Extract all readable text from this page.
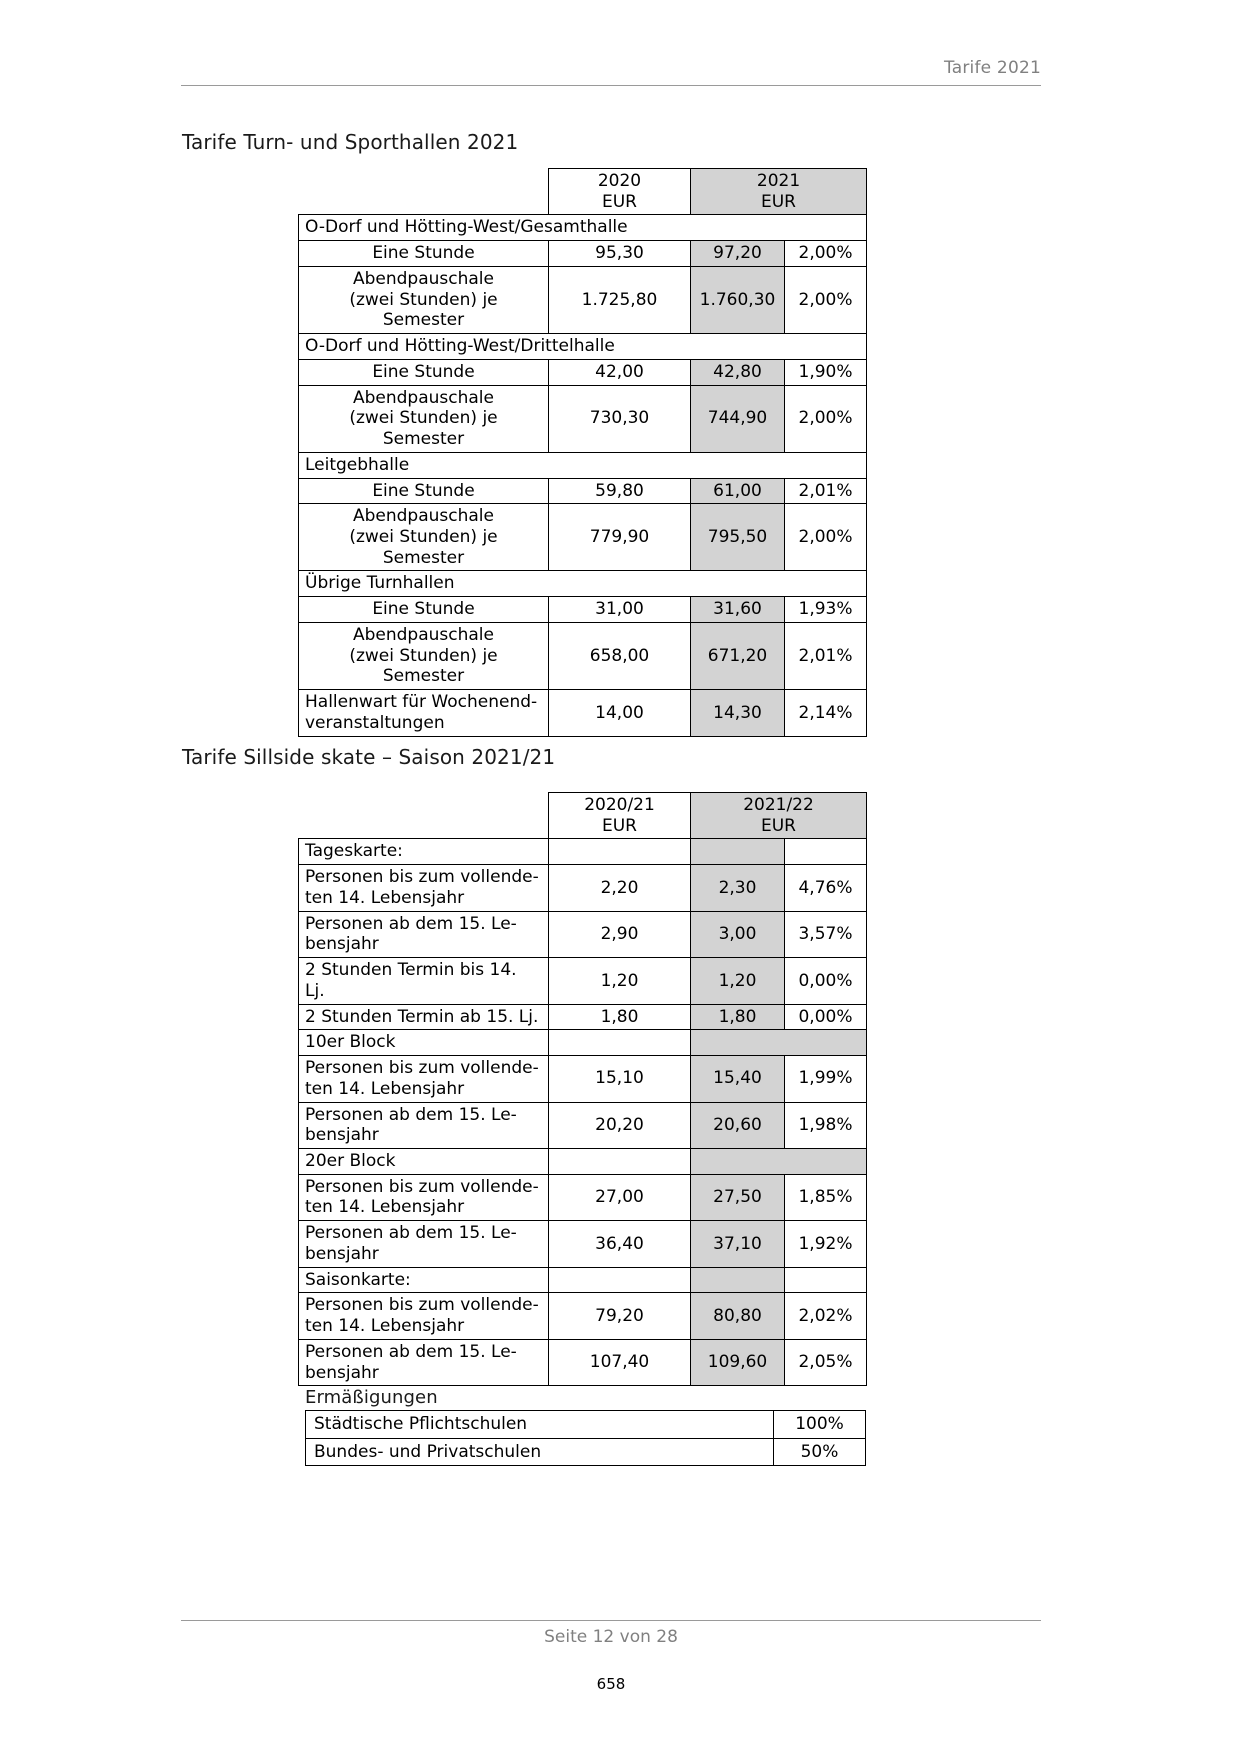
Tarife 2021
Tarife Turn- und Sporthallen 2021

2020
EUR

2021
EUR

O-Dorf und Hötting-West/Gesamthalle			
Eine Stunde	95,30	97,20	2,00%

Abendpauschale
(zwei Stunden) je
Semester	1.725,80	1.760,30	2,00%
O-Dorf und Hötting-West/Drittelhalle			
Eine Stunde	42,00	42,80	1,90%

Abendpauschale
(zwei Stunden) je
Semester	730,30	744,90	2,00%
Leitgebhalle			
Eine Stunde	59,80	61,00	2,01%

Abendpauschale
(zwei Stunden) je
Semester	779,90	795,50	2,00%
Übrige Turnhallen			
Eine Stunde	31,00	31,60	1,93%

Abendpauschale
(zwei Stunden) je
Semester	658,00	671,20	2,01%

Hallenwart für Wochenend-
veranstaltungen	14,00	14,30	2,14%
Tarife Sillside skate – Saison 2021/21

2020/21
EUR

2021/22
EUR

Tageskarte:			

Personen bis zum vollende-
ten 14. Lebensjahr	2,20	2,30	4,76%

Personen ab dem 15. Le-
bensjahr	2,90	3,00	3,57%

2 Stunden Termin bis 14.
Lj.	1,20	1,20	0,00%
2 Stunden Termin ab 15. Lj.	1,80	1,80	0,00%
10er Block			

Personen bis zum vollende-
ten 14. Lebensjahr	15,10	15,40	1,99%

Personen ab dem 15. Le-
bensjahr	20,20	20,60	1,98%
20er Block			

Personen bis zum vollende-
ten 14. Lebensjahr	27,00	27,50	1,85%

Personen ab dem 15. Le-
bensjahr	36,40	37,10	1,92%
Saisonkarte:			

Personen bis zum vollende-
ten 14. Lebensjahr	79,20	80,80	2,02%

Personen ab dem 15. Le-
bensjahr	107,40	109,60	2,05%
Ermäßigungen
Städtische Pflichtschulen	100%
Bundes- und Privatschulen	50%
Seite 12 von 28
658
